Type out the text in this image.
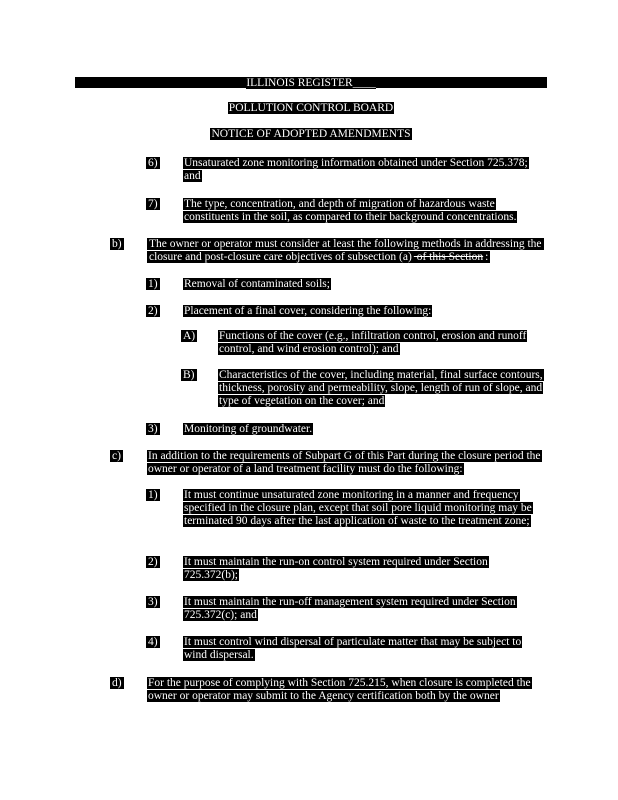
ILLINOIS REGISTER____
POLLUTION CONTROL BOARD
NOTICE OF ADOPTED AMENDMENTS
6) Unsaturated zone monitoring information obtained under Section 725.378; and
7) The type, concentration, and depth of migration of hazardous waste constituents in the soil, as compared to their background concentrations.
b) The owner or operator must consider at least the following methods in addressing the closure and post-closure care objectives of subsection (a) of this Section :
1) Removal of contaminated soils;
2) Placement of a final cover, considering the following:
A) Functions of the cover (e.g., infiltration control, erosion and runoff control, and wind erosion control); and
B) Characteristics of the cover, including material, final surface contours, thickness, porosity and permeability, slope, length of run of slope, and type of vegetation on the cover; and
3) Monitoring of groundwater.
c) In addition to the requirements of Subpart G of this Part during the closure period the owner or operator of a land treatment facility must do the following:
1) It must continue unsaturated zone monitoring in a manner and frequency specified in the closure plan, except that soil pore liquid monitoring may be terminated 90 days after the last application of waste to the treatment zone;
2) It must maintain the run-on control system required under Section 725.372(b);
3) It must maintain the run-off management system required under Section 725.372(c); and
4) It must control wind dispersal of particulate matter that may be subject to wind dispersal.
d) For the purpose of complying with Section 725.215, when closure is completed the owner or operator may submit to the Agency certification both by the owner
